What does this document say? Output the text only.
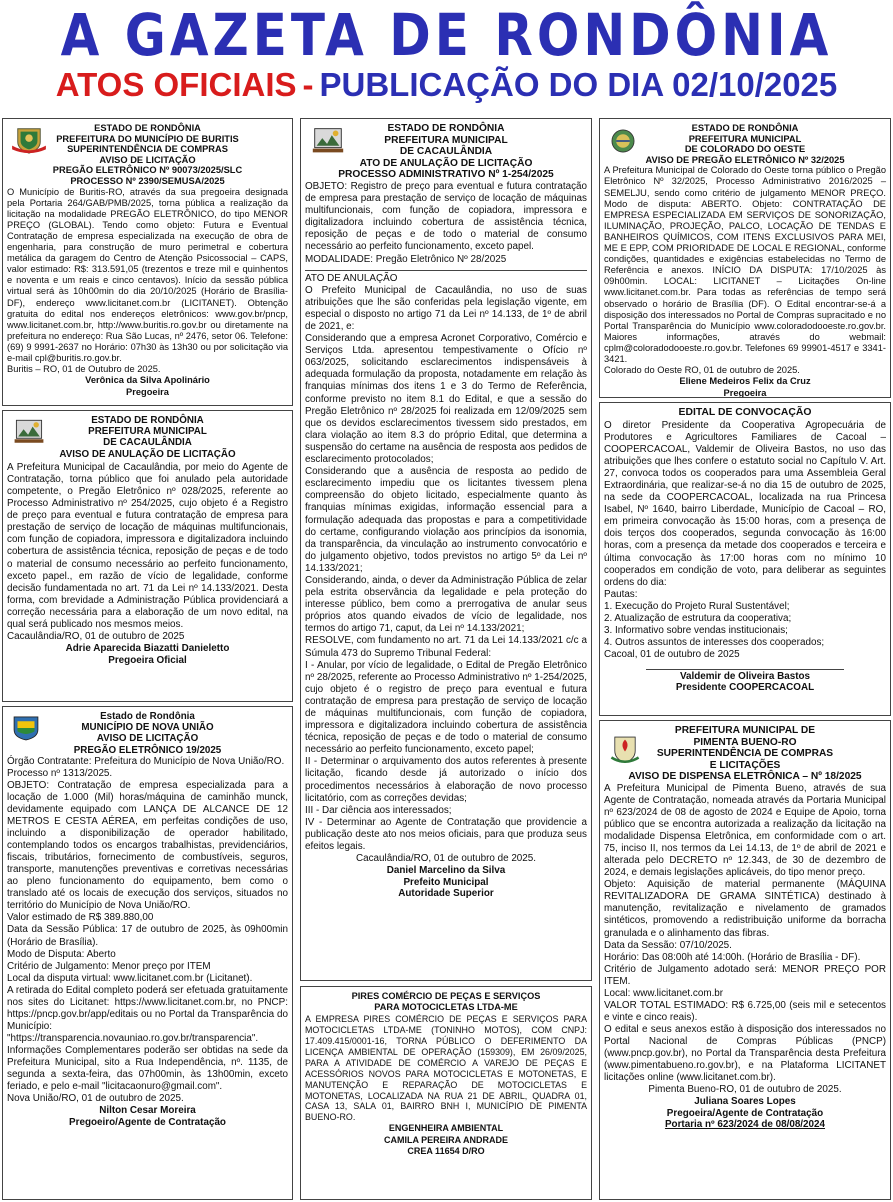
A GAZETA DE RONDÔNIA
ATOS OFICIAIS - PUBLICAÇÃO DO DIA 02/10/2025
ESTADO DE RONDÔNIA
PREFEITURA DO MUNICÍPIO DE BURITIS
SUPERINTENDÊNCIA DE COMPRAS
AVISO DE LICITAÇÃO
PREGÃO ELETRÔNICO Nº 90073/2025/SLC
PROCESSO Nº 2390/SEMUSA/2025
O Município de Buritis-RO, através da sua pregoeira designada pela Portaria 264/GAB/PMB/2025, torna pública a realização da licitação na modalidade PREGÃO ELETRÔNICO, do tipo MENOR PREÇO (GLOBAL). Tendo como objeto: Futura e Eventual Contratação de empresa especializada na execução de obra de engenharia, para construção de muro perimetral e cobertura metálica da garagem do Centro de Atenção Psicossocial – CAPS, valor estimado: R$: 313.591,05 (trezentos e treze mil e quinhentos e noventa e um reais e cinco centavos). Início da sessão pública virtual será às 10h00min do dia 20/10/2025 (Horário de Brasília-DF), endereço www.licitanet.com.br (LICITANET). Obtenção gratuita do edital nos endereços eletrônicos: www.gov.br/pncp, www.licitanet.com.br, http://www.buritis.ro.gov.br ou diretamente na prefeitura no endereço: Rua São Lucas, nº 2476, setor 06. Telefone: (69) 9 9991-2637 no Horário: 07h30 às 13h30 ou por solicitação via e-mail cpl@buritis.ro.gov.br.
Buritis – RO, 01 de Outubro de 2025.
Verônica da Silva Apolinário
Pregoeira
ESTADO DE RONDÔNIA
PREFEITURA MUNICIPAL
DE CACAULÂNDIA
AVISO DE ANULAÇÃO DE LICITAÇÃO
A Prefeitura Municipal de Cacaulândia, por meio do Agente de Contratação, torna público que foi anulado pela autoridade competente, o Pregão Eletrônico nº 028/2025, referente ao Processo Administrativo nº 254/2025, cujo objeto é a Registro de preço para eventual e futura contratação de empresa para prestação de serviço de locação de máquinas multifuncionais, com função de copiadora, impressora e digitalizadora incluindo cobertura de assistência técnica, reposição de peças e de todo o material de consumo necessário ao perfeito funcionamento, exceto papel., em razão de vício de legalidade, conforme decisão fundamentada no art. 71 da Lei nº 14.133/2021. Desta forma, com brevidade a Administração Pública providenciará a correção necessária para a elaboração de um novo edital, na qual será publicado nos mesmos meios.
Cacaulândia/RO, 01 de outubro de 2025
Adrie Aparecida Biazatti Danieletto
Pregoeira Oficial
Estado de Rondônia
MUNICÍPIO DE NOVA UNIÃO
AVISO DE LICITAÇÃO
PREGÃO ELETRÔNICO 19/2025
Órgão Contratante: Prefeitura do Município de Nova União/RO.
Processo nº 1313/2025.
OBJETO: Contratação de empresa especializada para a locação de 1.000 (Mil) horas/máquina de caminhão munck, devidamente equipado com LANÇA DE ALCANCE DE 12 METROS E CESTA AÉREA, em perfeitas condições de uso, incluindo a disponibilização de operador habilitado, contemplando todos os encargos trabalhistas, previdenciários, fiscais, tributários, fornecimento de combustíveis, seguros, transporte, manutenções preventivas e corretivas necessárias ao pleno funcionamento do equipamento, bem como o translado até os locais de execução dos serviços, situados no território do Município de Nova União/RO.
Valor estimado de R$ 389.880,00
Data da Sessão Pública: 17 de outubro de 2025, às 09h00min (Horário de Brasília).
Modo de Disputa: Aberto
Critério de Julgamento: Menor preço por ITEM
Local da disputa virtual: www.licitanet.com.br (Licitanet).
A retirada do Edital completo poderá ser efetuada gratuitamente nos sites do Licitanet: https://www.licitanet.com.br, no PNCP: https://pncp.gov.br/app/editais ou no Portal da Transparência do Município: "https://transparencia.novauniao.ro.gov.br/transparencia".
Informações Complementares poderão ser obtidas na sede da Prefeitura Municipal, sito a Rua Independência, nº. 1135, de segunda a sexta-feira, das 07h00min, às 13h00min, exceto feriado, e pelo e-mail "licitacaonuro@gmail.com".
Nova União/RO, 01 de outubro de 2025.
Nilton Cesar Moreira
Pregoeiro/Agente de Contratação
ESTADO DE RONDÔNIA
PREFEITURA MUNICIPAL
DE CACAULÂNDIA
ATO DE ANULAÇÃO DE LICITAÇÃO
PROCESSO ADMINISTRATIVO Nº 1-254/2025
OBJETO: Registro de preço para eventual e futura contratação de empresa para prestação de serviço de locação de máquinas multifuncionais, com função de copiadora, impressora e digitalizadora incluindo cobertura de assistência técnica, reposição de peças e de todo o material de consumo necessário ao perfeito funcionamento, exceto papel.
MODALIDADE: Pregão Eletrônico Nº 28/2025
ATO DE ANULAÇÃO
O Prefeito Municipal de Cacaulândia, no uso de suas atribuições que lhe são conferidas pela legislação vigente, em especial o disposto no artigo 71 da Lei nº 14.133, de 1º de abril de 2021, e:
Considerando que a empresa Acronet Corporativo, Comércio e Serviços Ltda. apresentou tempestivamente o Ofício nº 063/2025, solicitando esclarecimentos indispensáveis à adequada formulação da proposta, notadamente em relação às franquias mínimas dos itens 1 e 3 do Termo de Referência, conforme previsto no item 8.1 do Edital, e que a sessão do Pregão Eletrônico nº 28/2025 foi realizada em 12/09/2025 sem que os devidos esclarecimentos tivessem sido prestados, em clara violação ao item 8.3 do próprio Edital, que determina a suspensão do certame na ausência de resposta aos pedidos de esclarecimento protocolados;
Considerando que a ausência de resposta ao pedido de esclarecimento impediu que os licitantes tivessem plena compreensão do objeto licitado, especialmente quanto às franquias mínimas exigidas, informação essencial para a formulação adequada das propostas e para a competitividade do certame, configurando violação aos princípios da isonomia, da transparência, da vinculação ao instrumento convocatório e do julgamento objetivo, todos previstos no artigo 5º da Lei nº 14.133/2021;
Considerando, ainda, o dever da Administração Pública de zelar pela estrita observância da legalidade e pela proteção do interesse público, bem como a prerrogativa de anular seus próprios atos quando eivados de vício de legalidade, nos termos do artigo 71, caput, da Lei nº 14.133/2021;
RESOLVE, com fundamento no art. 71 da Lei 14.133/2021 c/c a Súmula 473 do Supremo Tribunal Federal:
I - Anular, por vício de legalidade, o Edital de Pregão Eletrônico nº 28/2025, referente ao Processo Administrativo nº 1-254/2025, cujo objeto é o registro de preço para eventual e futura contratação de empresa para prestação de serviço de locação de máquinas multifuncionais, com função de copiadora, impressora e digitalizadora incluindo cobertura de assistência técnica, reposição de peças e de todo o material de consumo necessário ao perfeito funcionamento, exceto papel;
II - Determinar o arquivamento dos autos referentes à presente licitação, ficando desde já autorizado o início dos procedimentos necessários à elaboração de novo processo licitatório, com as correções devidas;
III - Dar ciência aos interessados;
IV - Determinar ao Agente de Contratação que providencie a publicação deste ato nos meios oficiais, para que produza seus efeitos legais.
Cacaulândia/RO, 01 de outubro de 2025.
Daniel Marcelino da Silva
Prefeito Municipal
Autoridade Superior
PIRES COMÉRCIO DE PEÇAS E SERVIÇOS
PARA MOTOCICLETAS LTDA-ME
A EMPRESA PIRES COMÉRCIO DE PEÇAS E SERVIÇOS PARA MOTOCICLETAS LTDA-ME (TONINHO MOTOS), COM CNPJ: 17.409.415/0001-16, TORNA PÚBLICO O DEFERIMENTO DA LICENÇA AMBIENTAL DE OPERAÇÃO (159309), EM 26/09/2025, PARA A ATIVIDADE DE COMÉRCIO A VAREJO DE PEÇAS E ACESSÓRIOS NOVOS PARA MOTOCICLETAS E MOTONETAS, E MANUTENÇÃO E REPARAÇÃO DE MOTOCICLETAS E MOTONETAS, LOCALIZADA NA RUA 21 DE ABRIL, QUADRA 01, CASA 13, SALA 01, BAIRRO BNH I, MUNICÍPIO DE PIMENTA BUENO-RO.
ENGENHEIRA AMBIENTAL
CAMILA PEREIRA ANDRADE
CREA 11654 D/RO
ESTADO DE RONDÔNIA
PREFEITURA MUNICIPAL
DE COLORADO DO OESTE
AVISO DE PREGÃO ELETRÔNICO Nº 32/2025
A Prefeitura Municipal de Colorado do Oeste torna público o Pregão Eletrônico Nº 32/2025, Processo Administrativo 2016/2025 – SEMELJU, sendo como critério de julgamento MENOR PREÇO. Modo de disputa: ABERTO. Objeto: CONTRATAÇÃO DE EMPRESA ESPECIALIZADA EM SERVIÇOS DE SONORIZAÇÃO, ILUMINAÇÃO, PROJEÇÃO, PALCO, LOCAÇÃO DE TENDAS E BANHEIROS QUÍMICOS, COM ITENS EXCLUSIVOS PARA MEI, ME E EPP, COM PRIORIDADE DE LOCAL E REGIONAL, conforme condições, quantidades e exigências estabelecidas no Termo de Referência e anexos. INÍCIO DA DISPUTA: 17/10/2025 às 09h00min. LOCAL: LICITANET – Licitações On-line www.licitanet.com.br. Para todas as referências de tempo será observado o horário de Brasília (DF). O Edital encontrar-se-á a disposição dos interessados no Portal de Compras supracitado e no Portal Transparência do Município www.coloradodooeste.ro.gov.br. Maiores informações, através do webmail: cplm@coloradodooeste.ro.gov.br. Telefones 69 99901-4517 e 3341-3421.
Colorado do Oeste RO, 01 de outubro de 2025.
Eliene Medeiros Felix da Cruz
Pregoeira
EDITAL DE CONVOCAÇÃO
O diretor Presidente da Cooperativa Agropecuária de Produtores e Agricultores Familiares de Cacoal – COOPERCACOAL, Valdemir de Oliveira Bastos, no uso das atribuições que lhes confere o estatuto social no Capítulo V. Art. 27, convoca todos os cooperados para uma Assembleia Geral Extraordinária, que realizar-se-á no dia 15 de outubro de 2025, na sede da COOPERCACOAL, localizada na rua Princesa Isabel, Nº 1640, bairro Liberdade, Município de Cacoal – RO, em primeira convocação às 15:00 horas, com a presença de dois terços dos cooperados, segunda convocação às 16:00 horas, com a presença da metade dos cooperados e terceira e última convocação às 17:00 horas com no mínimo 10 cooperados em condição de voto, para deliberar as seguintes ordens do dia:
Pautas:
1. Execução do Projeto Rural Sustentável;
2. Atualização de estrutura da cooperativa;
3. Informativo sobre vendas institucionais;
4. Outros assuntos de interesses dos cooperados;
Cacoal, 01 de outubro de 2025
Valdemir de Oliveira Bastos
Presidente COOPERCACOAL
PREFEITURA MUNICIPAL DE
PIMENTA BUENO-RO
SUPERINTENDÊNCIA DE COMPRAS
E LICITAÇÕES
AVISO DE DISPENSA ELETRÔNICA – Nº 18/2025
A Prefeitura Municipal de Pimenta Bueno, através de sua Agente de Contratação, nomeada através da Portaria Municipal nº 623/2024 de 08 de agosto de 2024 e Equipe de Apoio, torna público que se encontra autorizada a realização da licitação na modalidade Dispensa Eletrônica, em conformidade com o art. 75, inciso II, nos termos da Lei 14.13, de 1º de abril de 2021 e alterada pelo DECRETO nº 12.343, de 30 de dezembro de 2024, e demais legislações aplicáveis, do tipo menor preço.
Objeto: Aquisição de material permanente (MÁQUINA REVITALIZADORA DE GRAMA SINTÉTICA) destinado à manutenção, revitalização e nivelamento de gramados sintéticos, promovendo a redistribuição uniforme da borracha granulada e o alinhamento das fibras.
Data da Sessão: 07/10/2025.
Horário: Das 08:00h até 14:00h. (Horário de Brasília - DF).
Critério de Julgamento adotado será: MENOR PREÇO POR ITEM.
Local: www.licitanet.com.br
VALOR TOTAL ESTIMADO: R$ 6.725,00 (seis mil e setecentos e vinte e cinco reais).
O edital e seus anexos estão à disposição dos interessados no Portal Nacional de Compras Públicas (PNCP) (www.pncp.gov.br), no Portal da Transparência desta Prefeitura (www.pimentabueno.ro.gov.br), e na Plataforma LICITANET licitações online (www.licitanet.com.br).
Pimenta Bueno-RO, 01 de outubro de 2025.
Juliana Soares Lopes
Pregoeira/Agente de Contratação
Portaria nº 623/2024 de 08/08/2024
